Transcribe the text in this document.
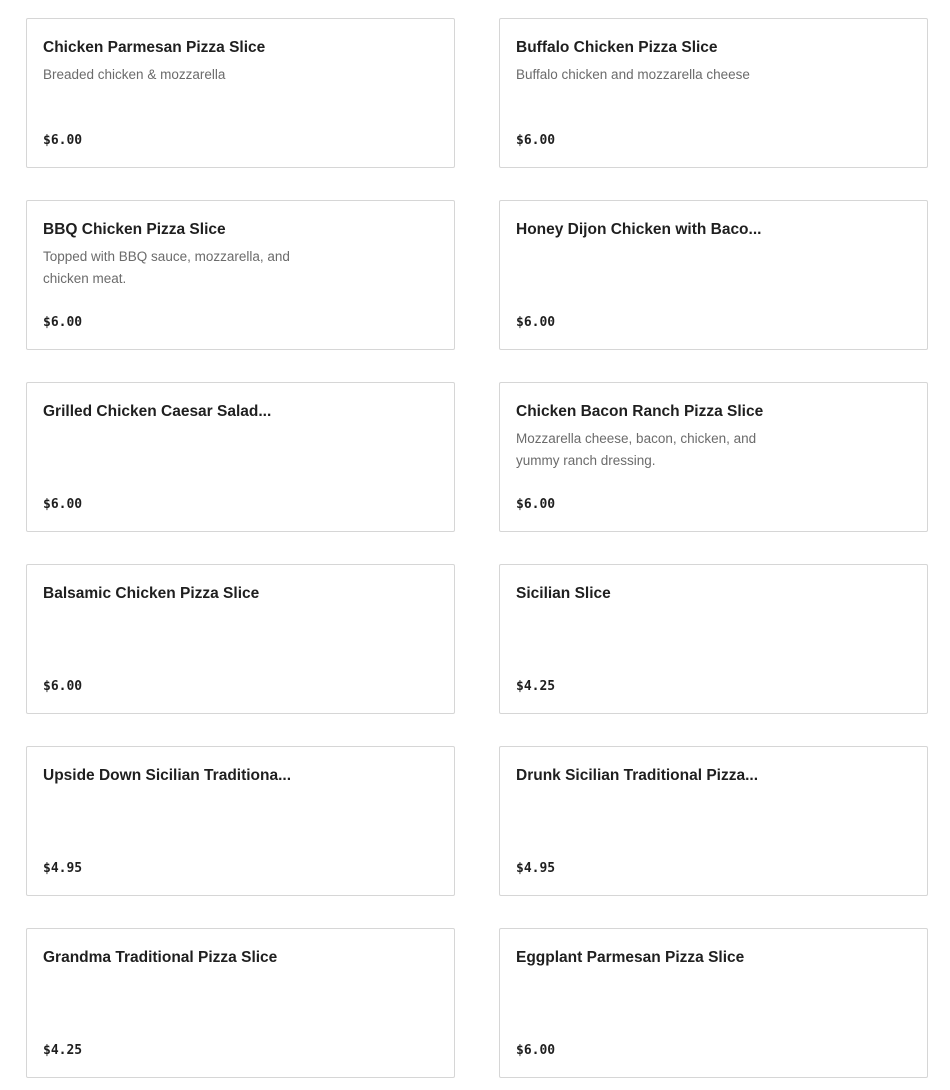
Chicken Parmesan Pizza Slice
Breaded chicken & mozzarella
$6.00
Buffalo Chicken Pizza Slice
Buffalo chicken and mozzarella cheese
$6.00
BBQ Chicken Pizza Slice
Topped with BBQ sauce, mozzarella, and chicken meat.
$6.00
Honey Dijon Chicken with Baco...
$6.00
Grilled Chicken Caesar Salad...
$6.00
Chicken Bacon Ranch Pizza Slice
Mozzarella cheese, bacon, chicken, and yummy ranch dressing.
$6.00
Balsamic Chicken Pizza Slice
$6.00
Sicilian Slice
$4.25
Upside Down Sicilian Traditiona...
$4.95
Drunk Sicilian Traditional Pizza...
$4.95
Grandma Traditional Pizza Slice
$4.25
Eggplant Parmesan Pizza Slice
$6.00
